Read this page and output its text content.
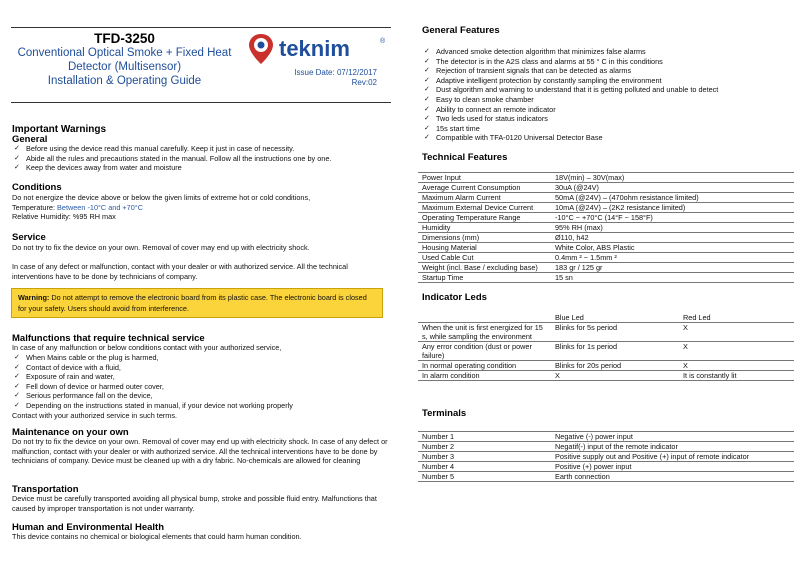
TFD-3250
Conventional Optical Smoke + Fixed Heat
Detector (Multisensor)
Installation & Operating Guide
teknim	®
Issue Date: 07/12/2017
Rev:02
Important Warnings
General
✓ Before using the device read this manual carefully. Keep it just in case of necessity.
✓ Abide all the rules and precautions stated in the manual. Follow all the instructions one by one.
✓ Keep the devices away from water and moisture
Conditions
Do not energize the device above or below the given limits of extreme hot or cold conditions,
Temperature: Between -10°C and +70°C
Relative Humidity: %95 RH max
Service
Do not try to fix the device on your own. Removal of cover may end up with electricity shock.
In case of any defect or malfunction, contact with your dealer or with authorized service. All the technical interventions have to be done by technicians of company.
Warning: Do not attempt to remove the electronic board from its plastic case. The electronic board is closed for your safety. Users should avoid from interference.
Malfunctions that require technical service
In case of any malfunction or below conditions contact with your authorized service,
✓ When Mains cable or the plug is harmed,
✓ Contact of device with a fluid,
✓ Exposure of rain and water,
✓ Fell down of device or harmed outer cover,
✓ Serious performance fall on the device,
✓ Depending on the instructions stated in manual, if your device not working properly
Contact with your authorized service in such terms.
Maintenance on your own
Do not try to fix the device on your own. Removal of cover may end up with electricity shock. In case of any defect or malfunction, contact with your dealer or with authorized service. All the technical interventions have to be done by technicians of company. Device must be cleaned up with a dry fabric. No-chemicals are allowed for cleaning
Transportation
Device must be carefully transported avoiding all physical bump, stroke and possible fluid entry. Malfunctions that caused by improper transportation is not under warranty.
Human and Environmental Health
This device contains no chemical or biological elements that could harm human condition.
General Features
✓ Advanced smoke detection algorithm that minimizes false alarms
✓ The detector is in the A2S class and alarms at 55 ° C in this conditions
✓ Rejection of transient signals that can be detected as alarms
✓ Adaptive intelligent protection by constantly sampling the environment
✓ Dust algorithm and warning to understand that it is getting polluted and unable to detect
✓ Easy to clean smoke chamber
✓ Ability to connect an remote indicator
✓ Two leds used for status indicators
✓ 15s start time
✓ Compatible with TFA-0120 Universal Detector Base
Technical Features
Power Input	18V(min) – 30V(max)
Average Current Consumption	30uA (@24V)
Maximum Alarm Current	50mA (@24V) – (470ohm resistance limited)
Maximum External Device Current	10mA (@24V) – (2K2 resistance limited)
Operating Temperature Range	-10°C ~ +70°C (14°F ~ 158°F)
Humidity	95% RH (max)
Dimensions (mm)	Ø110, h42
Housing Material	White Color, ABS Plastic
Used Cable Cut	0.4mm ² ~ 1.5mm ²
Weight (incl. Base / excluding base)	183 gr / 125 gr
Startup Time	15 sn
Indicator Leds
	Blue Led	Red Led
When the unit is first energized for 15 s, while sampling the environment	Blinks for 5s period	X
Any error condition (dust or power failure)	Blinks for 1s period	X
In normal operating condition	Blinks for 20s period	X
In alarm condition	X	It is constantly lit
Terminals
Number 1	Negative (-) power input
Number 2	Negatif(-) input of the remote indicator
Number 3	Positive supply out and Positive (+) input of remote indicator
Number 4	Positive (+) power input
Number 5	Earth connection
